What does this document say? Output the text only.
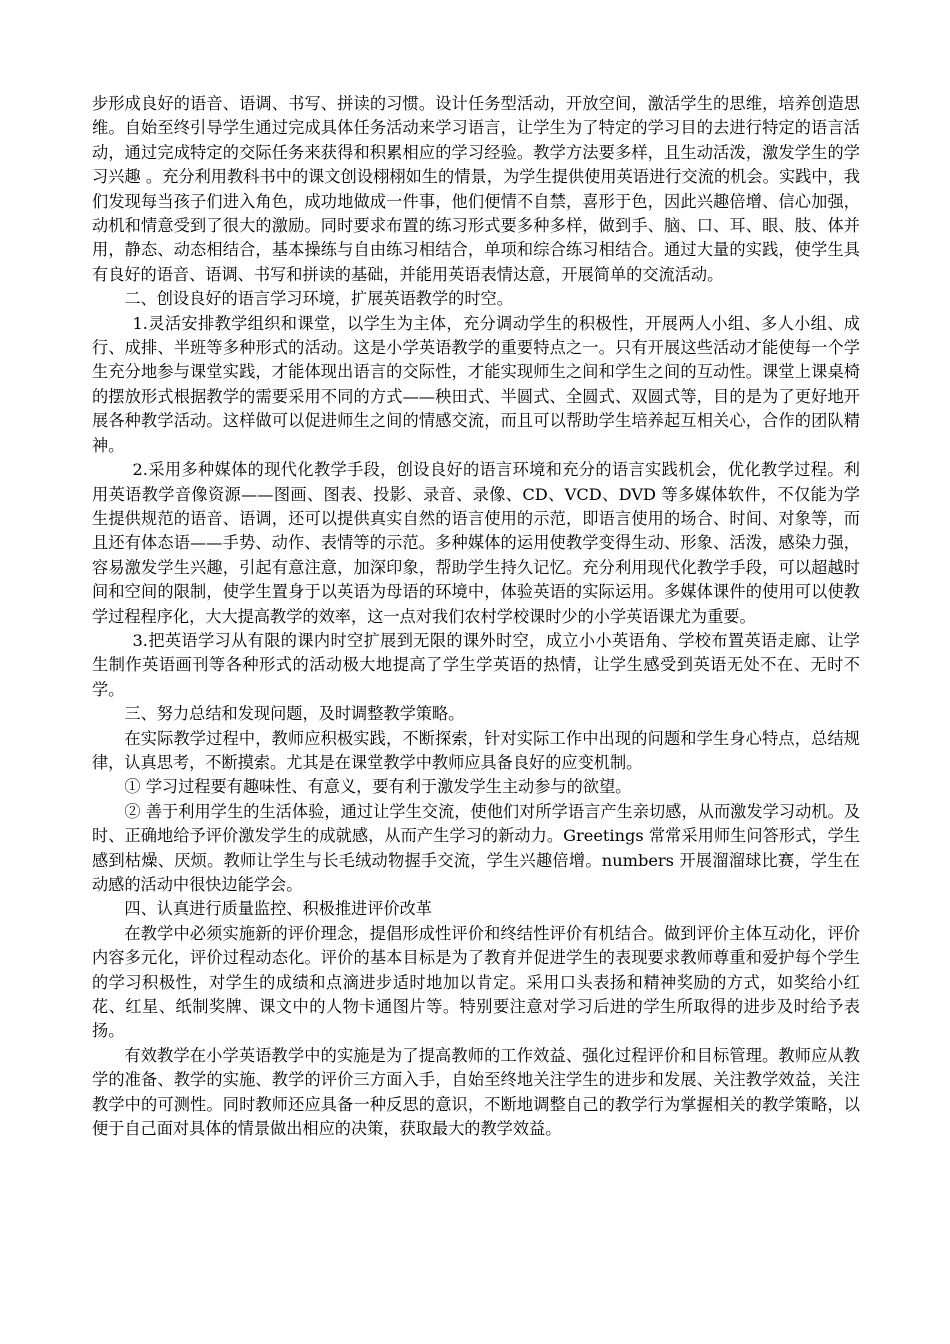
步形成良好的语音、语调、书写、拼读的习惯。设计任务型活动，开放空间，激活学生的思维，培养创造思维。自始至终引导学生通过完成具体任务活动来学习语言，让学生为了特定的学习目的去进行特定的语言活动，通过完成特定的交际任务来获得和积累相应的学习经验。教学方法要多样，且生动活泼，激发学生的学习兴趣 。充分利用教科书中的课文创设栩栩如生的情景，为学生提供使用英语进行交流的机会。实践中，我们发现每当孩子们进入角色，成功地做成一件事，他们便情不自禁，喜形于色，因此兴趣倍增、信心加强，动机和情意受到了很大的激励。同时要求布置的练习形式要多种多样，做到手、脑、口、耳、眼、肢、体并用，静态、动态相结合，基本操练与自由练习相结合，单项和综合练习相结合。通过大量的实践，使学生具有良好的语音、语调、书写和拼读的基础，并能用英语表情达意，开展简单的交流活动。

二、创设良好的语言学习环境，扩展英语教学的时空。

1.灵活安排教学组织和课堂，以学生为主体，充分调动学生的积极性，开展两人小组、多人小组、成行、成排、半班等多种形式的活动。这是小学英语教学的重要特点之一。只有开展这些活动才能使每一个学生充分地参与课堂实践，才能体现出语言的交际性，才能实现师生之间和学生之间的互动性。课堂上课桌椅的摆放形式根据教学的需要采用不同的方式——秧田式、半圆式、全圆式、双圆式等，目的是为了更好地开展各种教学活动。这样做可以促进师生之间的情感交流，而且可以帮助学生培养起互相关心，合作的团队精神。

2.采用多种媒体的现代化教学手段，创设良好的语言环境和充分的语言实践机会，优化教学过程。利用英语教学音像资源——图画、图表、投影、录音、录像、CD、VCD、DVD 等多媒体软件，不仅能为学生提供规范的语音、语调，还可以提供真实自然的语言使用的示范，即语言使用的场合、时间、对象等，而且还有体态语——手势、动作、表情等的示范。多种媒体的运用使教学变得生动、形象、活泼，感染力强，容易激发学生兴趣，引起有意注意，加深印象，帮助学生持久记忆。充分利用现代化教学手段，可以超越时间和空间的限制，使学生置身于以英语为母语的环境中，体验英语的实际运用。多媒体课件的使用可以使教学过程程序化，大大提高教学的效率，这一点对我们农村学校课时少的小学英语课尤为重要。

3.把英语学习从有限的课内时空扩展到无限的课外时空，成立小小英语角、学校布置英语走廊、让学生制作英语画刊等各种形式的活动极大地提高了学生学英语的热情，让学生感受到英语无处不在、无时不学。

三、努力总结和发现问题，及时调整教学策略。

在实际教学过程中，教师应积极实践，不断探索，针对实际工作中出现的问题和学生身心特点，总结规律，认真思考，不断摸索。尤其是在课堂教学中教师应具备良好的应变机制。

① 学习过程要有趣味性、有意义，要有利于激发学生主动参与的欲望。

② 善于利用学生的生活体验，通过让学生交流，使他们对所学语言产生亲切感，从而激发学习动机。及时、正确地给予评价激发学生的成就感，从而产生学习的新动力。Greetings 常常采用师生问答形式，学生感到枯燥、厌烦。教师让学生与长毛绒动物握手交流，学生兴趣倍增。numbers 开展溜溜球比赛，学生在动感的活动中很快边能学会。

四、认真进行质量监控、积极推进评价改革

在教学中必须实施新的评价理念，提倡形成性评价和终结性评价有机结合。做到评价主体互动化，评价内容多元化，评价过程动态化。评价的基本目标是为了教育并促进学生的表现要求教师尊重和爱护每个学生的学习积极性，对学生的成绩和点滴进步适时地加以肯定。采用口头表扬和精神奖励的方式，如奖给小红花、红星、纸制奖牌、课文中的人物卡通图片等。特别要注意对学习后进的学生所取得的进步及时给予表扬。

有效教学在小学英语教学中的实施是为了提高教师的工作效益、强化过程评价和目标管理。教师应从教学的准备、教学的实施、教学的评价三方面入手，自始至终地关注学生的进步和发展、关注教学效益，关注教学中的可测性。同时教师还应具备一种反思的意识，不断地调整自己的教学行为掌握相关的教学策略，以便于自己面对具体的情景做出相应的决策，获取最大的教学效益。
